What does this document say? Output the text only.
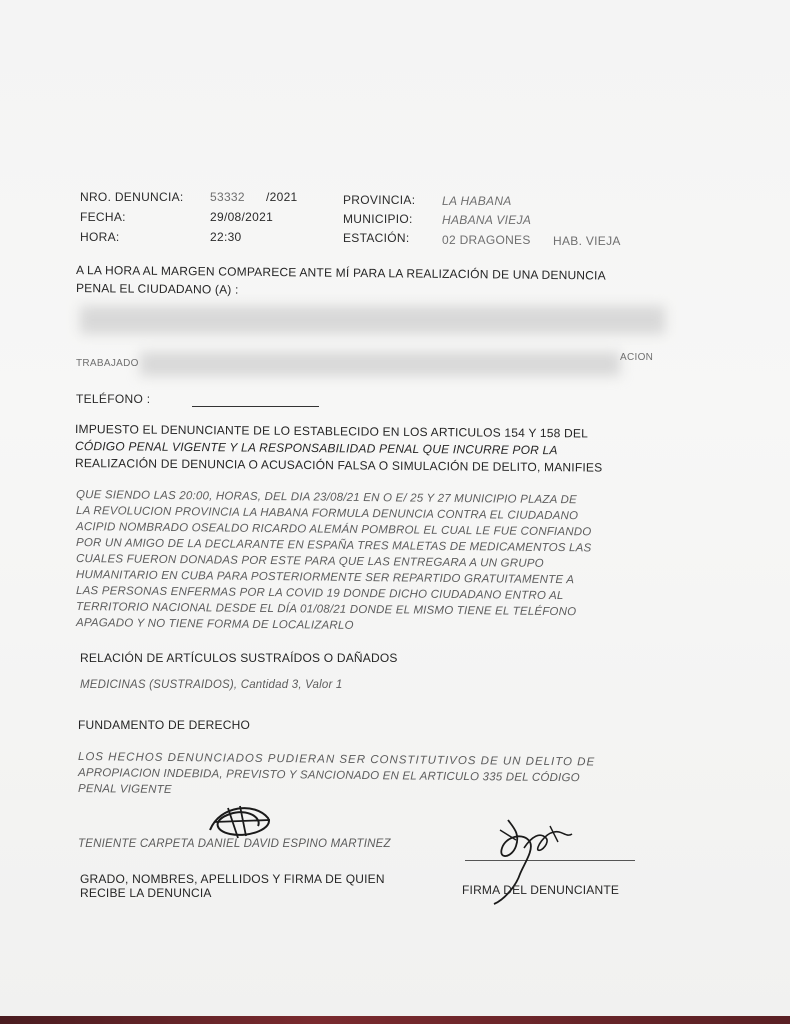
NRO. DENUNCIA: 53332 /2021
FECHA:	29/08/2021
HORA:	22:30
PROVINCIA: LA HABANA
MUNICIPIO: HABANA VIEJA
ESTACIÓN:	02 DRAGONES HAB. VIEJA
A LA HORA AL MARGEN COMPARECE ANTE MÍ PARA LA REALIZACIÓN DE UNA DENUNCIA
PENAL EL CIUDADANO (A) :
TRABAJADO
ACION
TELÉFONO :
IMPUESTO EL DENUNCIANTE DE LO ESTABLECIDO EN LOS ARTICULOS 154 Y 158 DEL
CÓDIGO PENAL VIGENTE Y LA RESPONSABILIDAD PENAL QUE INCURRE POR LA
REALIZACIÓN DE DENUNCIA O ACUSACIÓN FALSA O SIMULACIÓN DE DELITO, MANIFIES
QUE SIENDO LAS 20:00, HORAS, DEL DIA 23/08/21 EN O E/ 25 Y 27 MUNICIPIO PLAZA DE
LA REVOLUCION PROVINCIA LA HABANA FORMULA DENUNCIA CONTRA EL CIUDADANO
ACIPID NOMBRADO OSEALDO RICARDO ALEMÁN POMBROL EL CUAL LE FUE CONFIANDO
POR UN AMIGO DE LA DECLARANTE EN ESPAÑA TRES MALETAS DE MEDICAMENTOS LAS
CUALES FUERON DONADAS POR ESTE PARA QUE LAS ENTREGARA A UN GRUPO
HUMANITARIO EN CUBA PARA POSTERIORMENTE SER REPARTIDO GRATUITAMENTE A
LAS PERSONAS ENFERMAS POR LA COVID 19 DONDE DICHO CIUDADANO ENTRO AL
TERRITORIO NACIONAL DESDE EL DÍA 01/08/21 DONDE EL MISMO TIENE EL TELÉFONO
APAGADO Y NO TIENE FORMA DE LOCALIZARLO
RELACIÓN DE ARTÍCULOS SUSTRAÍDOS O DAÑADOS
MEDICINAS (SUSTRAIDOS), Cantidad 3, Valor 1
FUNDAMENTO DE DERECHO
LOS HECHOS DENUNCIADOS PUDIERAN SER CONSTITUTIVOS DE UN DELITO DE
APROPIACION INDEBIDA, PREVISTO Y SANCIONADO EN EL ARTICULO 335 DEL CÓDIGO
PENAL VIGENTE
TENIENTE CARPETA DANIEL DAVID ESPINO MARTINEZ
GRADO, NOMBRES, APELLIDOS Y FIRMA DE QUIEN
RECIBE LA DENUNCIA	FIRMA DEL DENUNCIANTE
